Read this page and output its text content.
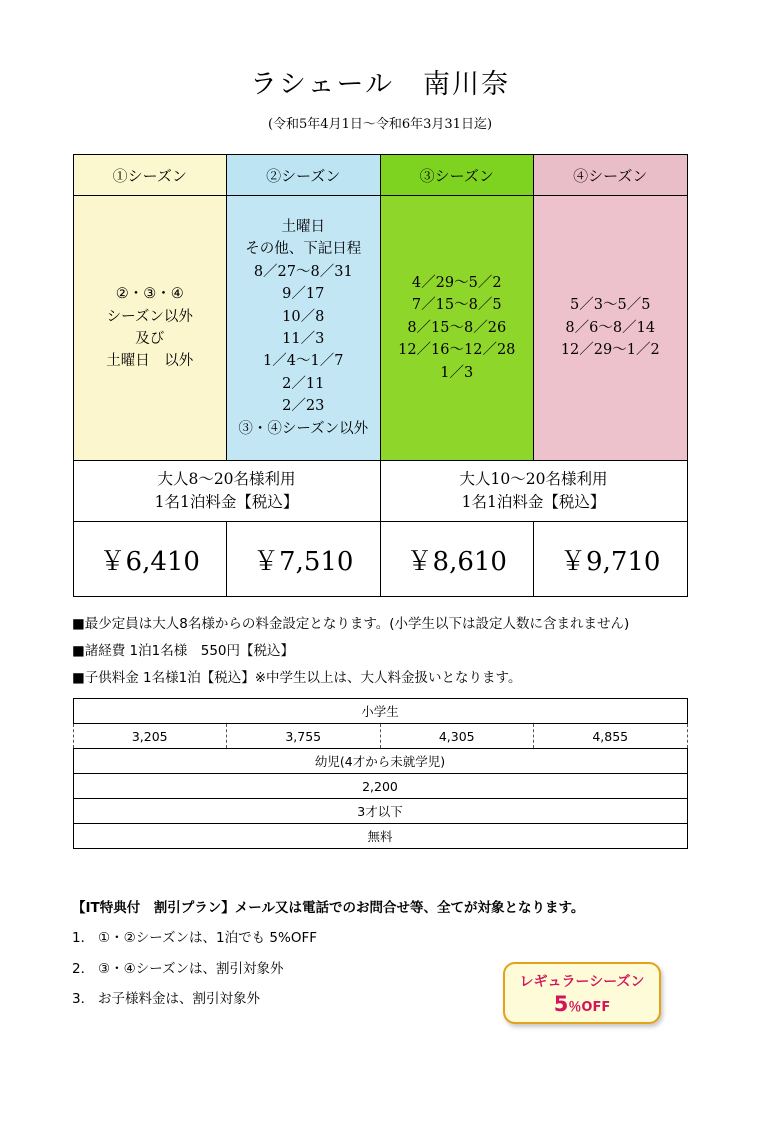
ラシェール　南川奈
(令和5年4月1日～令和6年3月31日迄)
①シーズン	②シーズン	③シーズン	④シーズン

②・③・④
シーズン以外
及び
土曜日　以外

土曜日
その他、下記日程
8／27～8／31
9／17
10／8
11／3
1／4～1／7
2／11
2／23
③・④シーズン以外

4／29～5／2
7／15～8／5
8／15～8／26
12／16～12／28
1／3

5／3～5／5
8／6～8／14
12／29～1／2

大人8～20名様利用
1名1泊料金【税込】

大人10～20名様利用
1名1泊料金【税込】

￥6,410	￥7,510	￥8,610	￥9,710
■最少定員は大人8名様からの料金設定となります。(小学生以下は設定人数に含まれません)
■諸経費 1泊1名様　550円【税込】
■子供料金 1名様1泊【税込】※中学生以上は、大人料金扱いとなります。
小学生
3,205	3,755	4,305	4,855
幼児(4才から未就学児)
2,200
3才以下
無料
【IT特典付　割引プラン】メール又は電話でのお問合せ等、全てが対象となります。
1． ①・②シーズンは、1泊でも 5%OFF
2． ③・④シーズンは、割引対象外
3． お子様料金は、割引対象外
レギュラーシーズン
5％OFF
